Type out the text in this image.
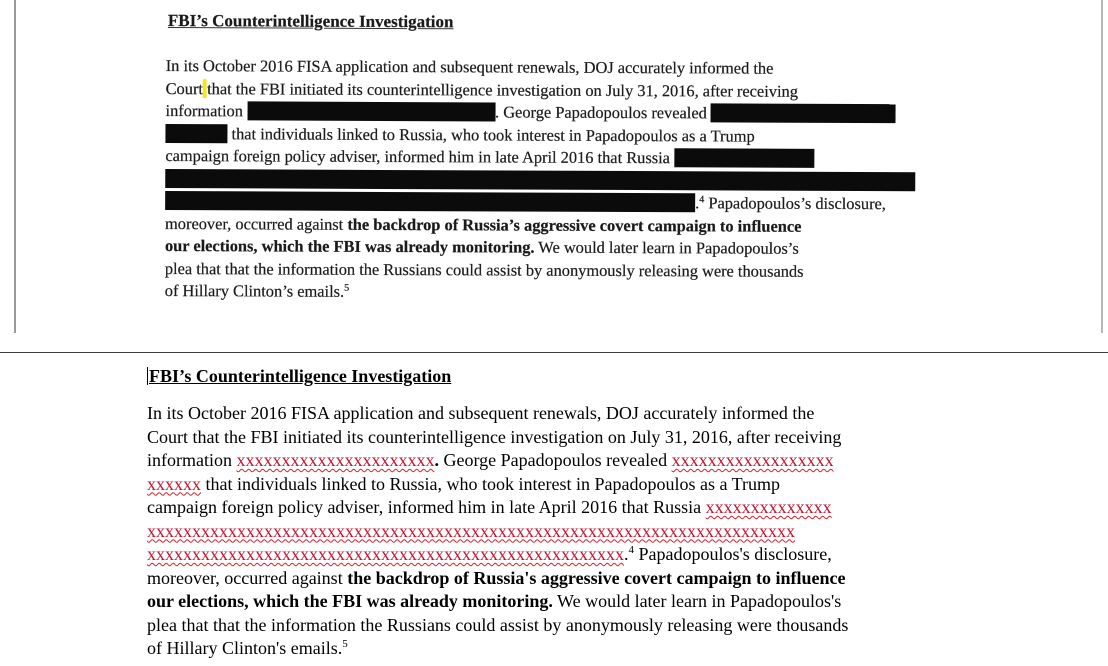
FBI’s Counterintelligence Investigation
In its October 2016 FISA application and subsequent renewals, DOJ accurately informed the
Court that the FBI initiated its counterintelligence investigation on July 31, 2016, after receiving
information	. George Papadopoulos revealed
that individuals linked to Russia, who took interest in Papadopoulos as a Trump
campaign foreign policy adviser, informed him in late April 2016 that Russia
.$^4$ Papadopoulos’s disclosure,
moreover, occurred against the backdrop of Russia’s aggressive covert campaign to influence
our elections, which the FBI was already monitoring. We would later learn in Papadopoulos’s
plea that that the information the Russians could assist by anonymously releasing were thousands
of Hillary Clinton’s emails.$^5$
FBI’s Counterintelligence Investigation
In its October 2016 FISA application and subsequent renewals, DOJ accurately informed the
Court that the FBI initiated its counterintelligence investigation on July 31, 2016, after receiving
information xxxxxxxxxxxxxxxxxxxxxx. George Papadopoulos revealed xxxxxxxxxxxxxxxxxx
xxxxxx that individuals linked to Russia, who took interest in Papadopoulos as a Trump
campaign foreign policy adviser, informed him in late April 2016 that Russia xxxxxxxxxxxxxx
xxxxxxxxxxxxxxxxxxxxxxxxxxxxxxxxxxxxxxxxxxxxxxxxxxxxxxxxxxxxxxxxxxxxxxxx
xxxxxxxxxxxxxxxxxxxxxxxxxxxxxxxxxxxxxxxxxxxxxxxxxxxxx.$^4$ Papadopoulos's disclosure,
moreover, occurred against the backdrop of Russia's aggressive covert campaign to influence
our elections, which the FBI was already monitoring. We would later learn in Papadopoulos's
plea that that the information the Russians could assist by anonymously releasing were thousands
of Hillary Clinton's emails.$^5$
